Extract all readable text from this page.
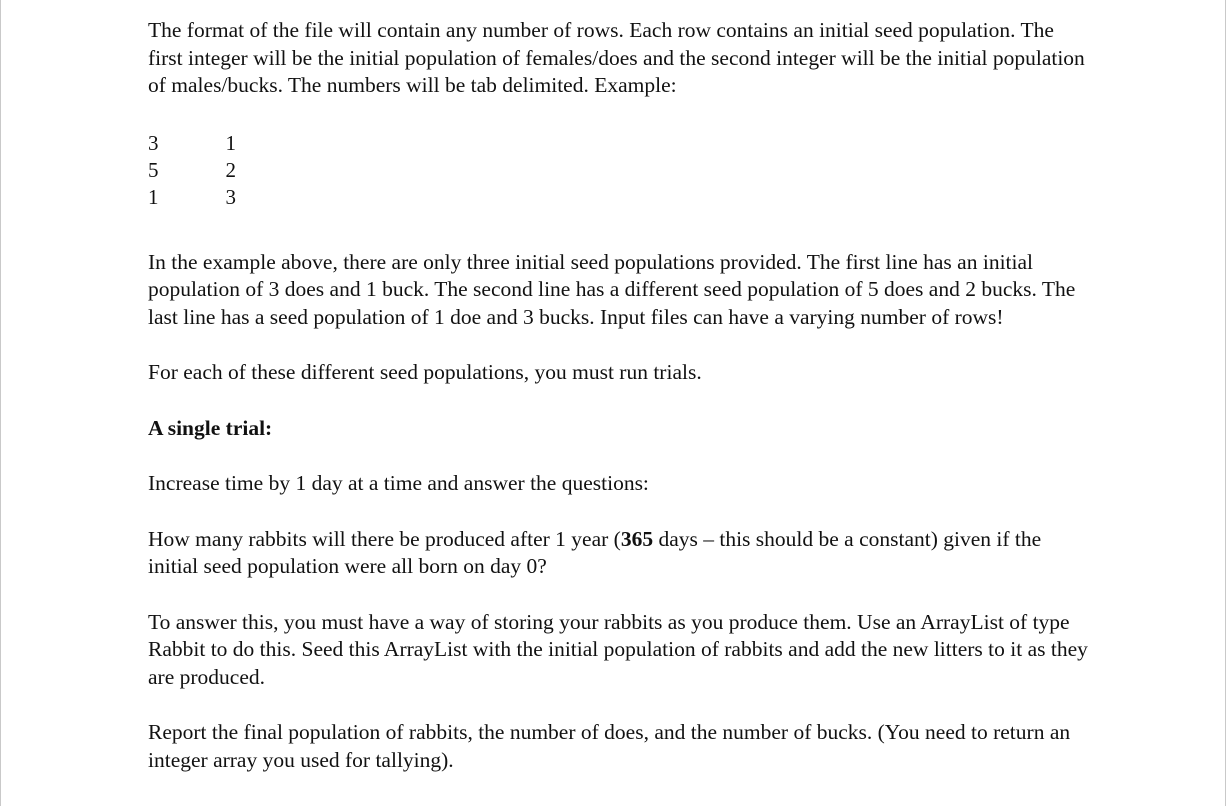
The format of the file will contain any number of rows. Each row contains an initial seed population. The first integer will be the initial population of females/does and the second integer will be the initial population of males/bucks. The numbers will be tab delimited. Example:

3	1
5	2
1	3

In the example above, there are only three initial seed populations provided. The first line has an initial population of 3 does and 1 buck. The second line has a different seed population of 5 does and 2 bucks. The last line has a seed population of 1 doe and 3 bucks. Input files can have a varying number of rows!

For each of these different seed populations, you must run trials.

A single trial:

Increase time by 1 day at a time and answer the questions:

How many rabbits will there be produced after 1 year (365 days – this should be a constant) given if the initial seed population were all born on day 0?

To answer this, you must have a way of storing your rabbits as you produce them. Use an ArrayList of type Rabbit to do this. Seed this ArrayList with the initial population of rabbits and add the new litters to it as they are produced.

Report the final population of rabbits, the number of does, and the number of bucks. (You need to return an integer array you used for tallying).
